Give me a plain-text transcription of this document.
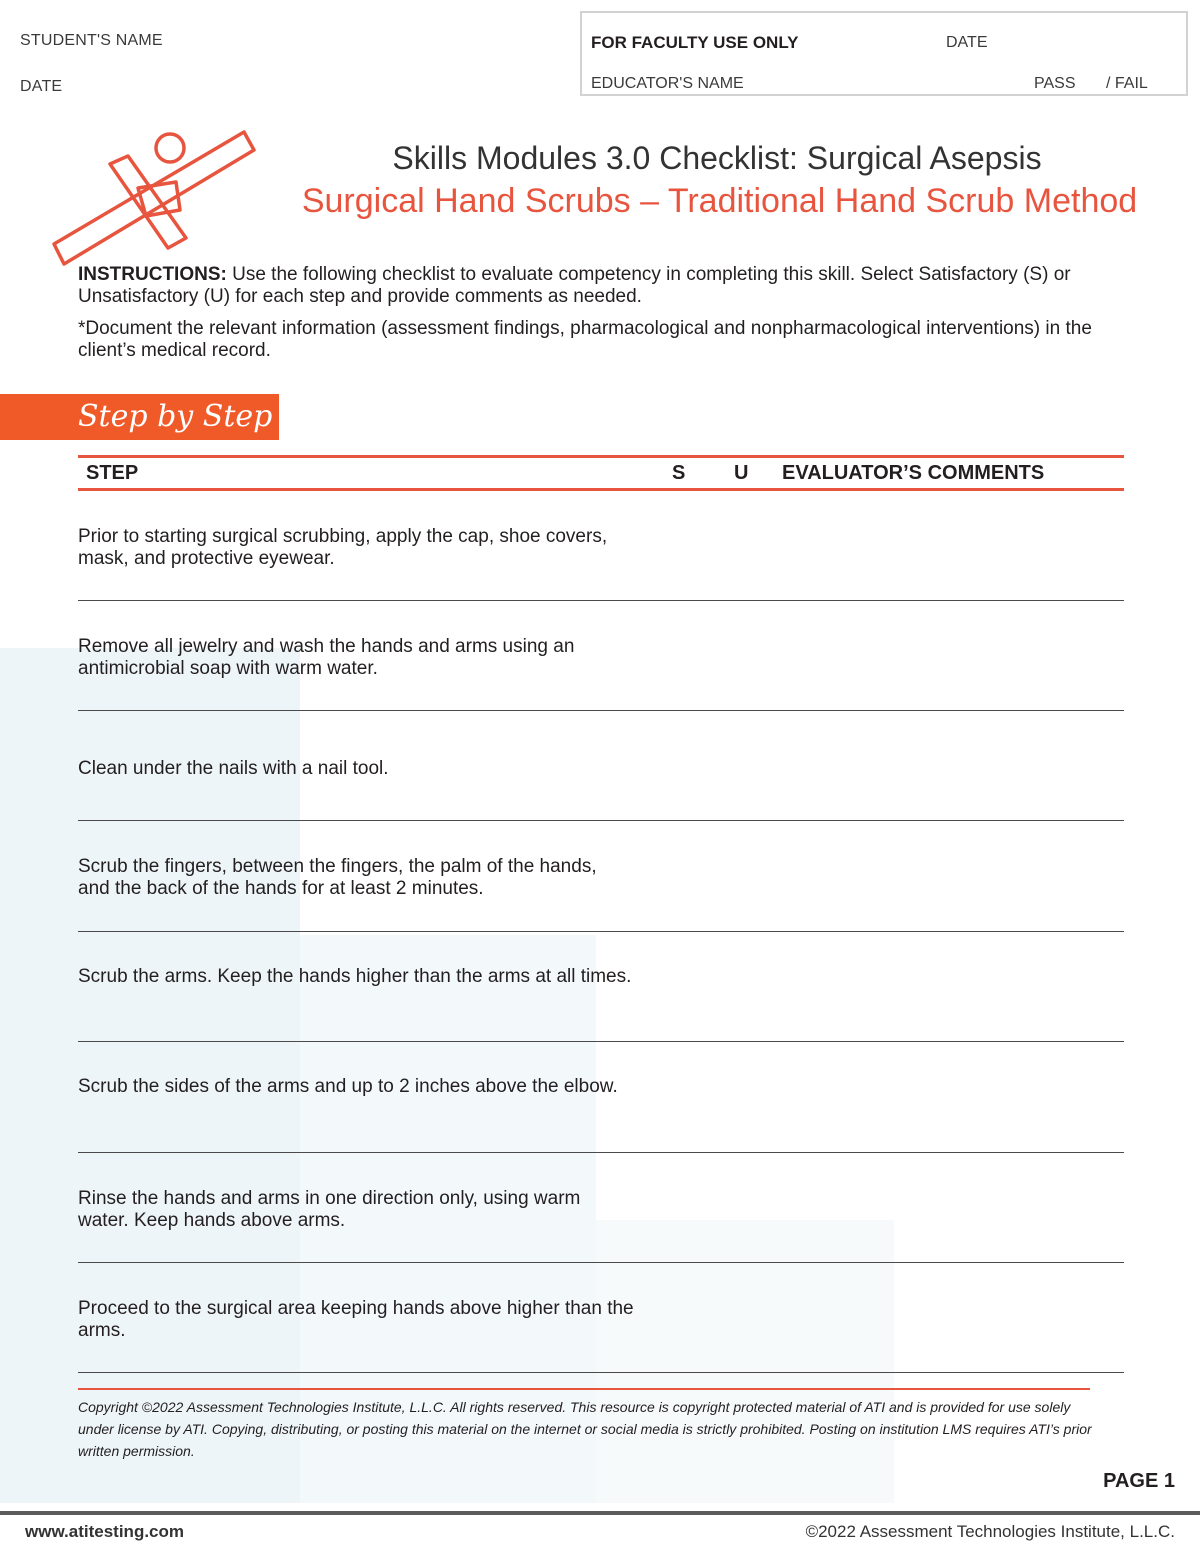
STUDENT'S NAME
DATE
FOR FACULTY USE ONLY	DATE
EDUCATOR'S NAME	PASS / FAIL
Skills Modules 3.0 Checklist: Surgical Asepsis
Surgical Hand Scrubs – Traditional Hand Scrub Method
INSTRUCTIONS: Use the following checklist to evaluate competency in completing this skill. Select Satisfactory (S) or Unsatisfactory (U) for each step and provide comments as needed.
*Document the relevant information (assessment findings, pharmacological and nonpharmacological interventions) in the client’s medical record.
Step by Step
STEP	S U EVALUATOR’S COMMENTS
Prior to starting surgical scrubbing, apply the cap, shoe covers, mask, and protective eyewear.
Remove all jewelry and wash the hands and arms using an antimicrobial soap with warm water.
Clean under the nails with a nail tool.
Scrub the fingers, between the fingers, the palm of the hands, and the back of the hands for at least 2 minutes.
Scrub the arms. Keep the hands higher than the arms at all times.
Scrub the sides of the arms and up to 2 inches above the elbow.
Rinse the hands and arms in one direction only, using warm water. Keep hands above arms.
Proceed to the surgical area keeping hands above higher than the arms.
Copyright ©2022 Assessment Technologies Institute, L.L.C. All rights reserved. This resource is copyright protected material of ATI and is provided for use solely under license by ATI. Copying, distributing, or posting this material on the internet or social media is strictly prohibited. Posting on institution LMS requires ATI’s prior written permission.
PAGE 1
www.atitesting.com	©2022 Assessment Technologies Institute, L.L.C.
